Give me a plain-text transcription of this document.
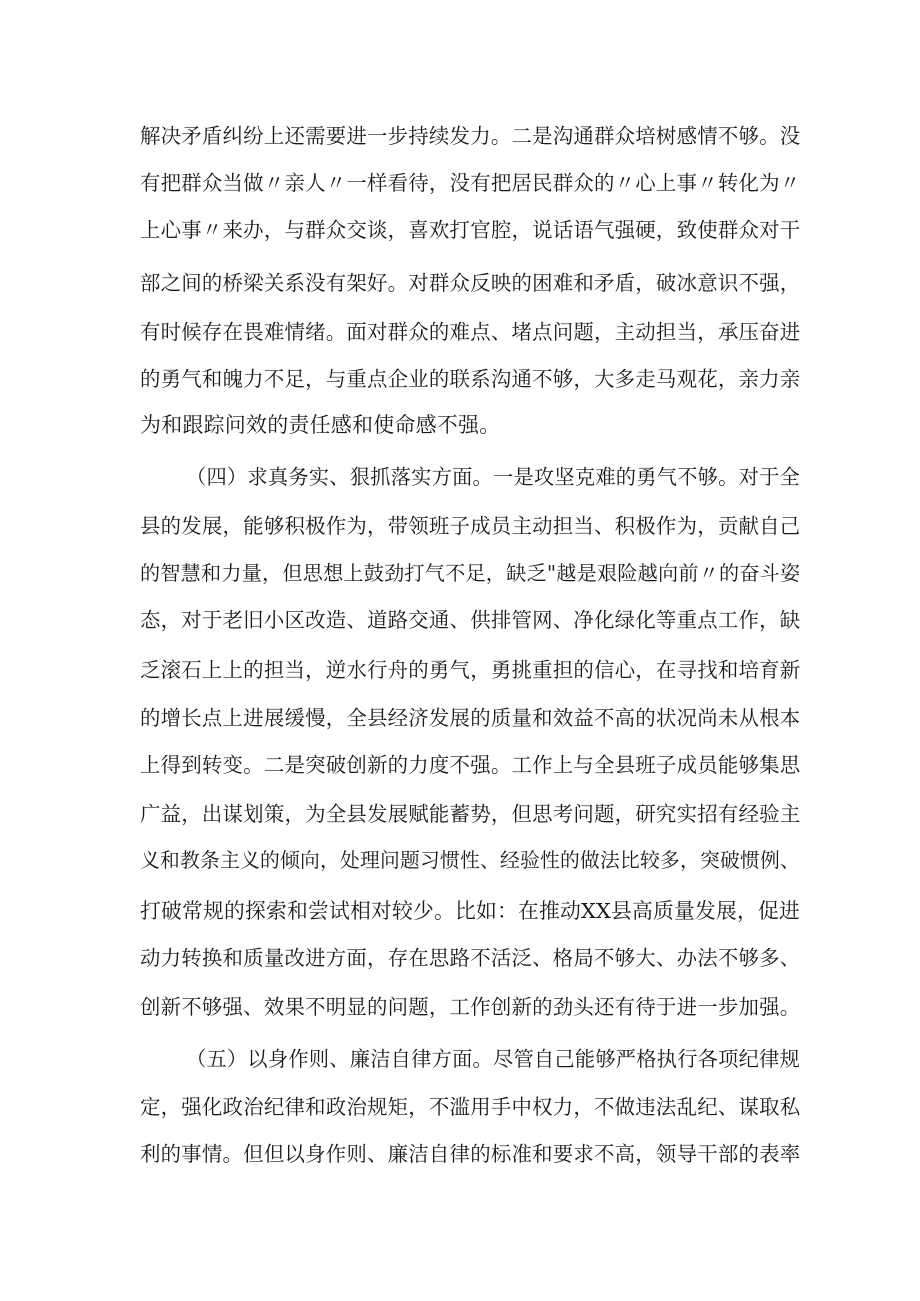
解决矛盾纠纷上还需要进一步持续发力。二是沟通群众培树感情不够。没
有把群众当做〃亲人〃一样看待，没有把居民群众的〃心上事〃转化为〃
上心事〃来办，与群众交谈，喜欢打官腔，说话语气强硬，致使群众对干
部之间的桥梁关系没有架好。对群众反映的困难和矛盾，破冰意识不强，
有时候存在畏难情绪。面对群众的难点、堵点问题，主动担当，承压奋进
的勇气和魄力不足，与重点企业的联系沟通不够，大多走马观花，亲力亲
为和跟踪问效的责任感和使命感不强。
（四）求真务实、狠抓落实方面。一是攻坚克难的勇气不够。对于全
县的发展，能够积极作为，带领班子成员主动担当、积极作为，贡献自己
的智慧和力量，但思想上鼓劲打气不足，缺乏"越是艰险越向前〃的奋斗姿
态，对于老旧小区改造、道路交通、供排管网、净化绿化等重点工作，缺
乏滚石上上的担当，逆水行舟的勇气，勇挑重担的信心，在寻找和培育新
的增长点上进展缓慢，全县经济发展的质量和效益不高的状况尚未从根本
上得到转变。二是突破创新的力度不强。工作上与全县班子成员能够集思
广益，出谋划策，为全县发展赋能蓄势，但思考问题，研究实招有经验主
义和教条主义的倾向，处理问题习惯性、经验性的做法比较多，突破惯例、
打破常规的探索和尝试相对较少。比如：在推动XX县高质量发展，促进
动力转换和质量改进方面，存在思路不活泛、格局不够大、办法不够多、
创新不够强、效果不明显的问题，工作创新的劲头还有待于进一步加强。
（五）以身作则、廉洁自律方面。尽管自己能够严格执行各项纪律规
定，强化政治纪律和政治规矩，不滥用手中权力，不做违法乱纪、谋取私
利的事情。但但以身作则、廉洁自律的标准和要求不高，领导干部的表率
